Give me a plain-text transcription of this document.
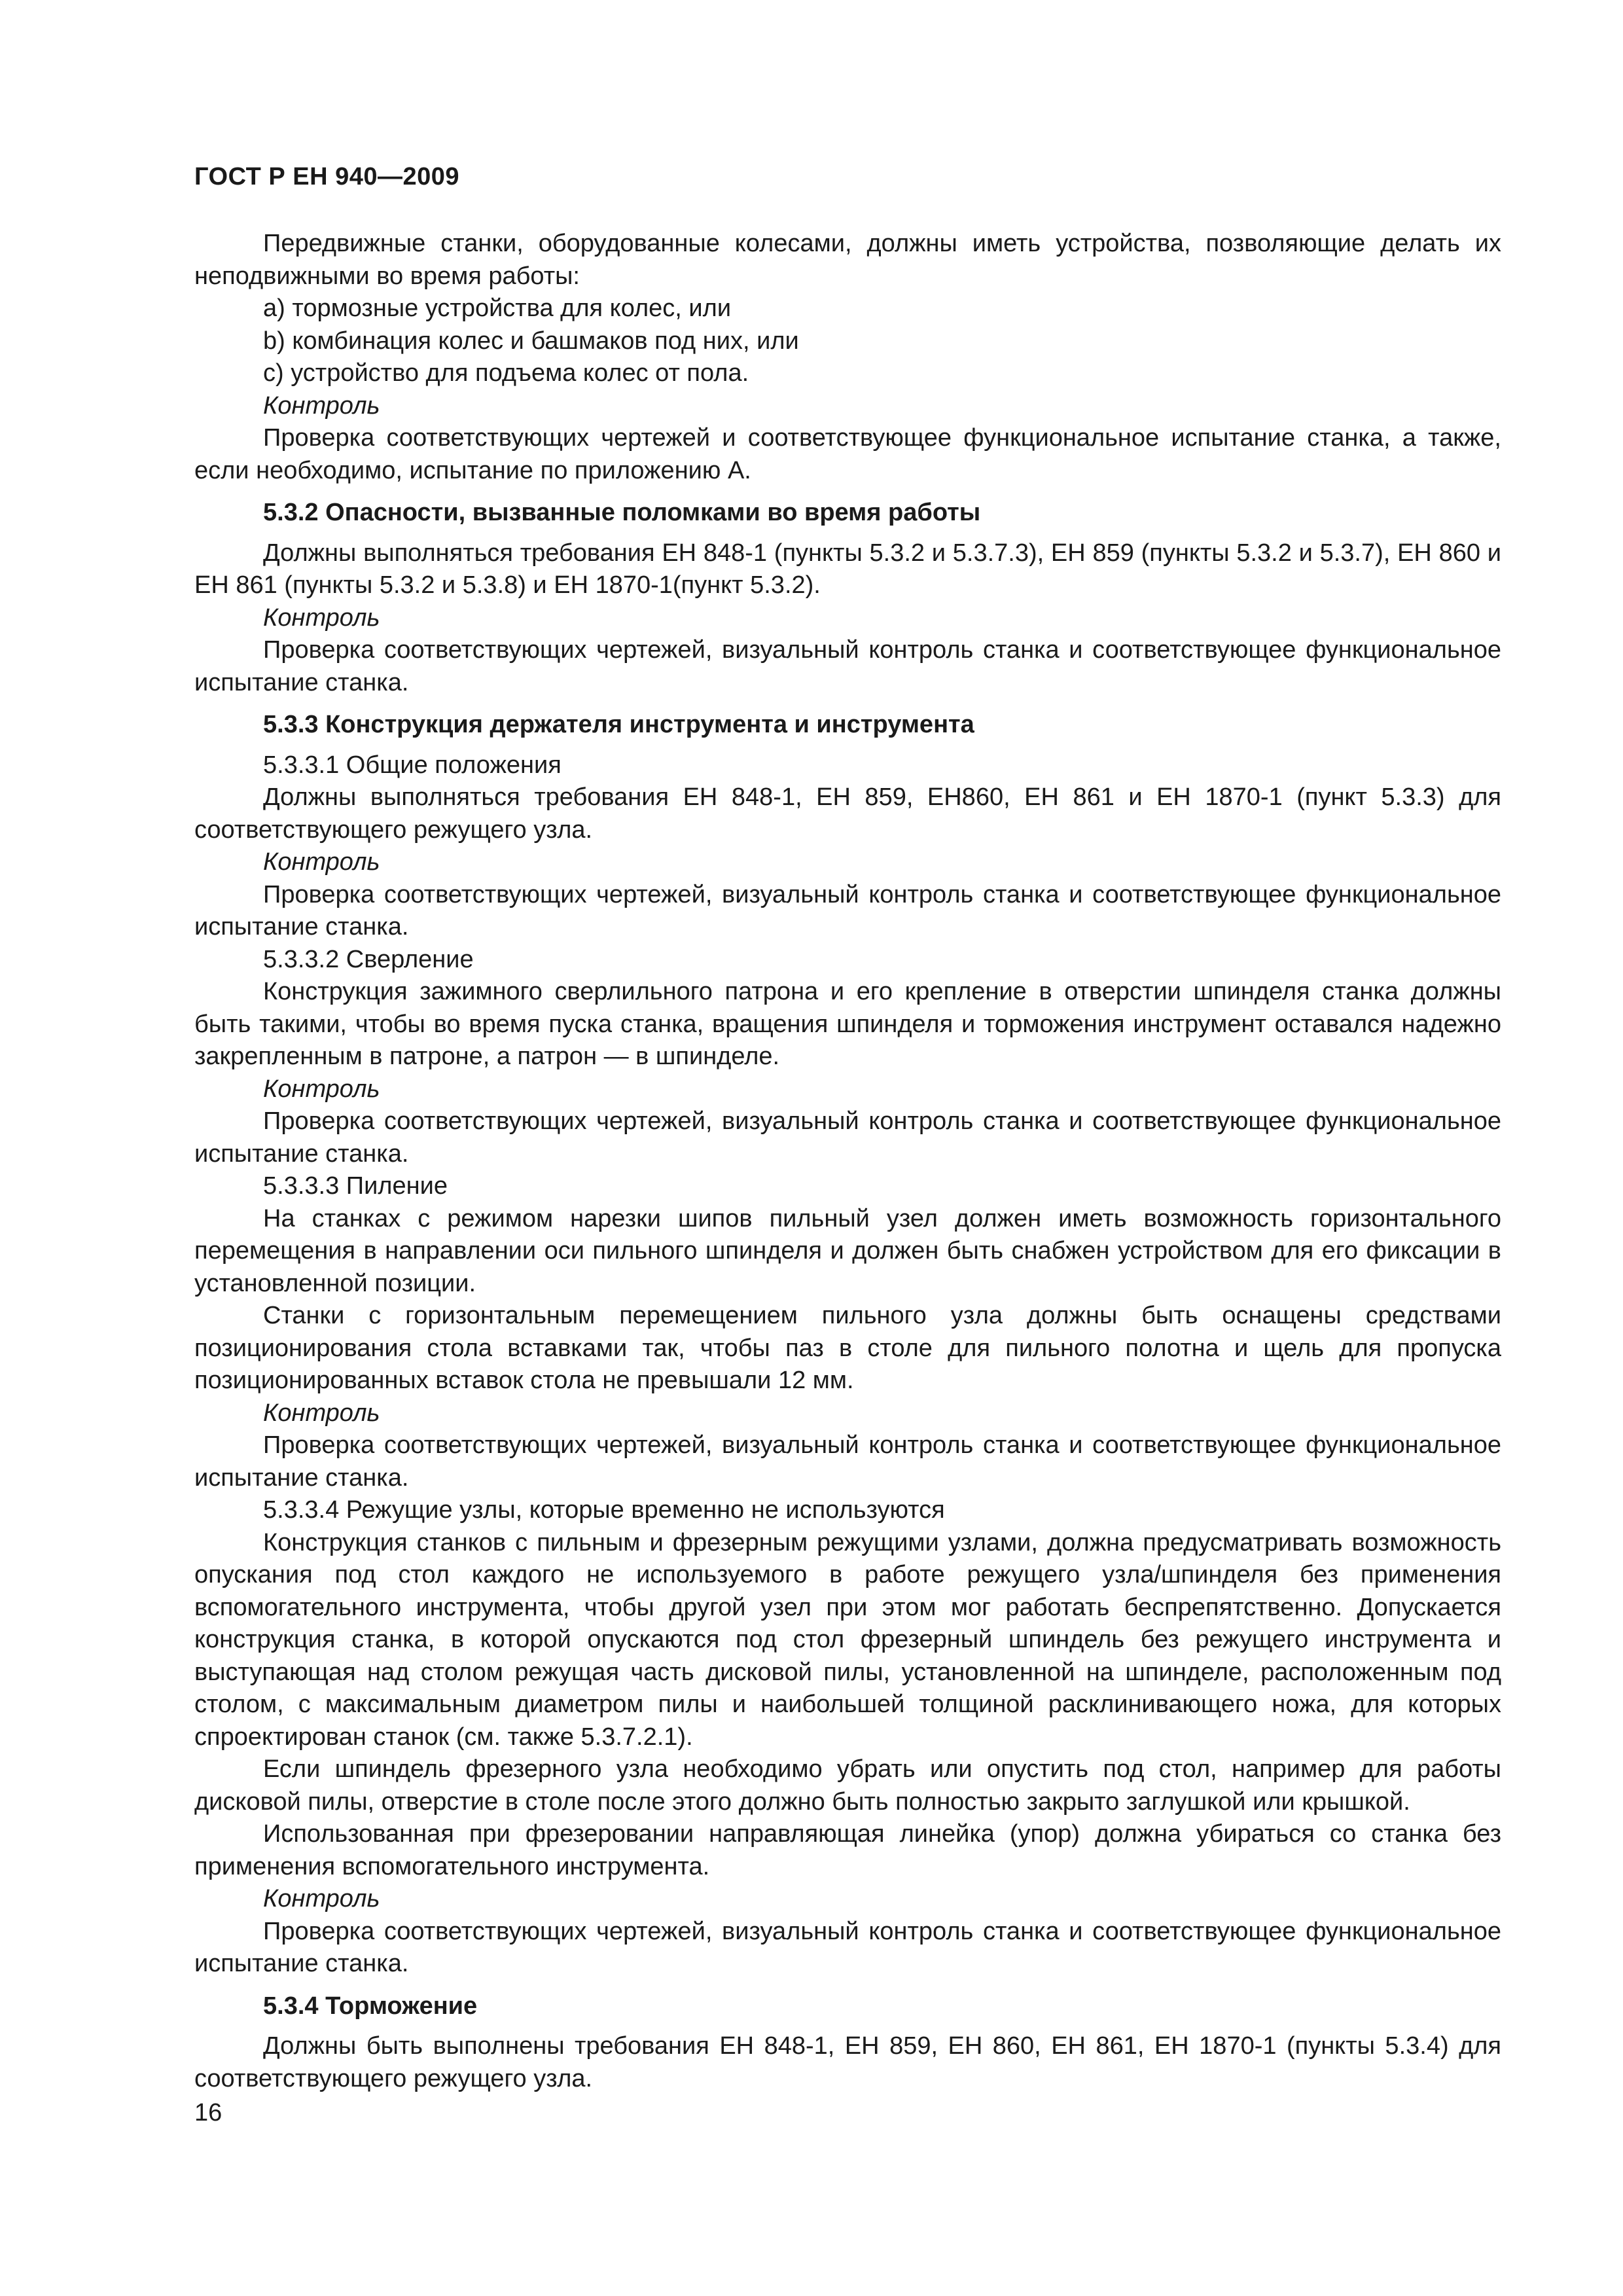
ГОСТ Р ЕН 940—2009
Передвижные станки, оборудованные колесами, должны иметь устройства, позволяющие делать их неподвижными во время работы:
a) тормозные устройства для колес, или
b) комбинация колес и башмаков под них, или
c) устройство для подъема колес от пола.
Контроль
Проверка соответствующих чертежей и соответствующее функциональное испытание станка, а также, если необходимо, испытание по приложению А.
5.3.2 Опасности, вызванные поломками во время работы
Должны выполняться требования ЕН 848-1 (пункты 5.3.2 и 5.3.7.3), ЕН 859 (пункты 5.3.2 и 5.3.7), ЕН 860 и ЕН 861 (пункты 5.3.2 и 5.3.8) и ЕН 1870-1(пункт 5.3.2).
Контроль
Проверка соответствующих чертежей, визуальный контроль станка и соответствующее функциональное испытание станка.
5.3.3 Конструкция держателя инструмента и инструмента
5.3.3.1 Общие положения
Должны выполняться требования ЕН 848-1, ЕН 859, ЕН860, ЕН 861 и ЕН 1870-1 (пункт 5.3.3) для соответствующего режущего узла.
Контроль
Проверка соответствующих чертежей, визуальный контроль станка и соответствующее функциональное испытание станка.
5.3.3.2 Сверление
Конструкция зажимного сверлильного патрона и его крепление в отверстии шпинделя станка должны быть такими, чтобы во время пуска станка, вращения шпинделя и торможения инструмент оставался надежно закрепленным в патроне, а патрон — в шпинделе.
Контроль
Проверка соответствующих чертежей, визуальный контроль станка и соответствующее функциональное испытание станка.
5.3.3.3 Пиление
На станках с режимом нарезки шипов пильный узел должен иметь возможность горизонтального перемещения в направлении оси пильного шпинделя и должен быть снабжен устройством для его фиксации в установленной позиции.
Станки с горизонтальным перемещением пильного узла должны быть оснащены средствами позиционирования стола вставками так, чтобы паз в столе для пильного полотна и щель для пропуска позиционированных вставок стола не превышали 12 мм.
Контроль
Проверка соответствующих чертежей, визуальный контроль станка и соответствующее функциональное испытание станка.
5.3.3.4 Режущие узлы, которые временно не используются
Конструкция станков с пильным и фрезерным режущими узлами, должна предусматривать возможность опускания под стол каждого не используемого в работе режущего узла/шпинделя без применения вспомогательного инструмента, чтобы другой узел при этом мог работать беспрепятственно. Допускается конструкция станка, в которой опускаются под стол фрезерный шпиндель без режущего инструмента и выступающая над столом режущая часть дисковой пилы, установленной на шпинделе, расположенным под столом, с максимальным диаметром пилы и наибольшей толщиной расклинивающего ножа, для которых спроектирован станок (см. также 5.3.7.2.1).
Если шпиндель фрезерного узла необходимо убрать или опустить под стол, например для работы дисковой пилы, отверстие в столе после этого должно быть полностью закрыто заглушкой или крышкой.
Использованная при фрезеровании направляющая линейка (упор) должна убираться со станка без применения вспомогательного инструмента.
Контроль
Проверка соответствующих чертежей, визуальный контроль станка и соответствующее функциональное испытание станка.
5.3.4 Торможение
Должны быть выполнены требования ЕН 848-1, ЕН 859, ЕН 860, ЕН 861, ЕН 1870-1 (пункты 5.3.4) для соответствующего режущего узла.
16
